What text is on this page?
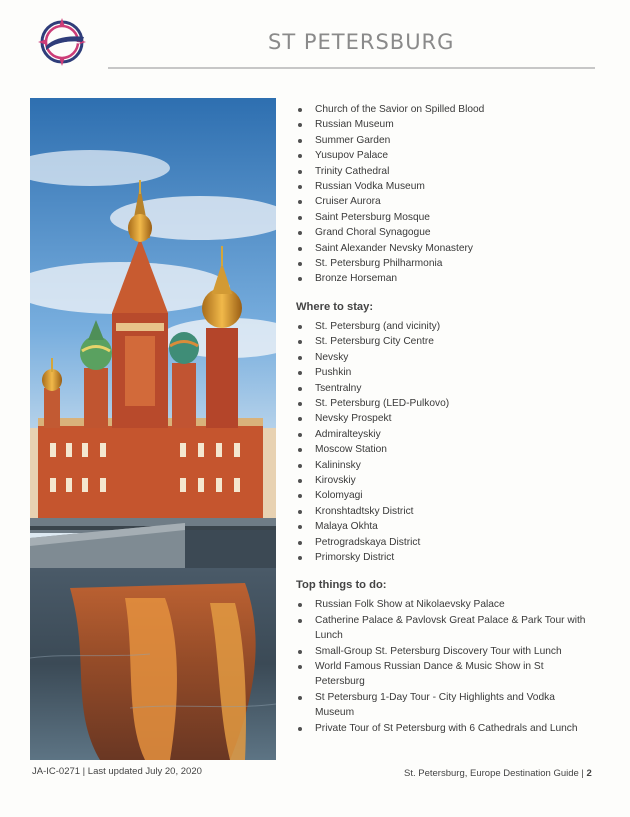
ST PETERSBURG
Church of the Savior on Spilled Blood
Russian Museum
Summer Garden
Yusupov Palace
Trinity Cathedral
Russian Vodka Museum
Cruiser Aurora
Saint Petersburg Mosque
Grand Choral Synagogue
Saint Alexander Nevsky Monastery
St. Petersburg Philharmonia
Bronze Horseman
Where to stay:
St. Petersburg (and vicinity)
St. Petersburg City Centre
Nevsky
Pushkin
Tsentralny
St. Petersburg (LED-Pulkovo)
Nevsky Prospekt
Admiralteyskiy
Moscow Station
Kalininsky
Kirovskiy
Kolomyagi
Kronshtadtsky District
Malaya Okhta
Petrogradskaya District
Primorsky District
Top things to do:
Russian Folk Show at Nikolaevsky Palace
Catherine Palace & Pavlovsk Great Palace & Park Tour with Lunch
Small-Group St. Petersburg Discovery Tour with Lunch
World Famous Russian Dance & Music Show in St Petersburg
St Petersburg 1-Day Tour - City Highlights and Vodka Museum
Private Tour of St Petersburg with 6 Cathedrals and Lunch
JA-IC-0271 | Last updated July 20, 2020	St. Petersburg, Europe Destination Guide | 2
